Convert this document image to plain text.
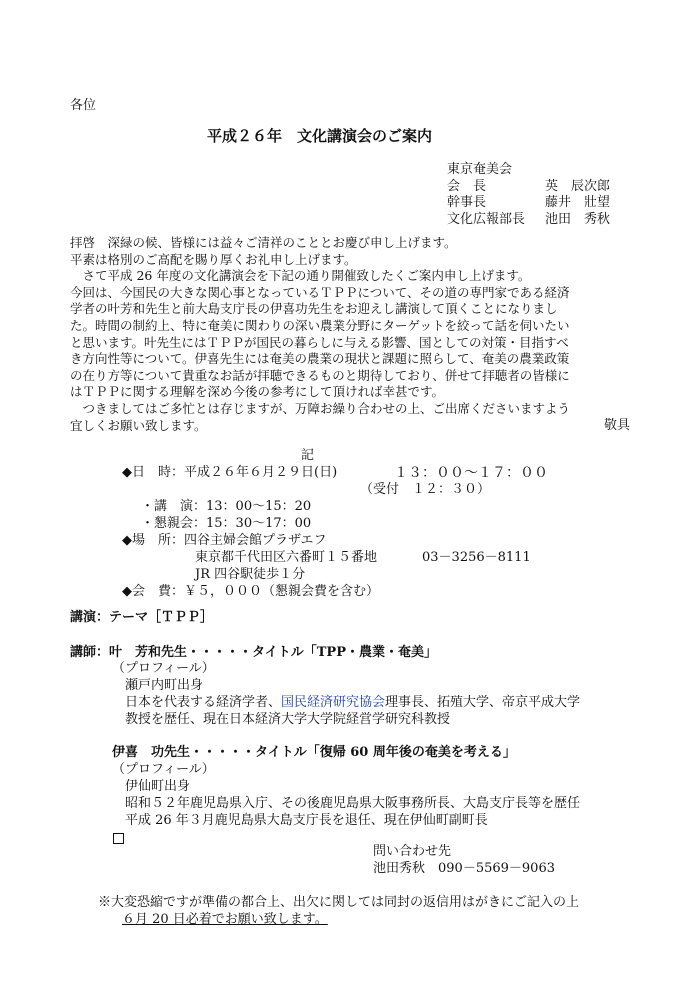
各位
平成２６年　文化講演会のご案内
東京奄美会
会　長	英　辰次郎
幹事長	藤井　壯望
文化広報部長 池田　秀秋

拝啓　深緑の候、皆様には益々ご清祥のこととお慶び申し上げます。

平素は格別のご高配を賜り厚くお礼申し上げます。

　さて平成 26 年度の文化講演会を下記の通り開催致したくご案内申し上げます。

今回は、今国民の大きな関心事となっているＴＰＰについて、その道の専門家である経済

学者の叶芳和先生と前大島支庁長の伊喜功先生をお迎えし講演して頂くことになりまし

た。時間の制約上、特に奄美に関わりの深い農業分野にターゲットを絞って話を伺いたい

と思います。叶先生にはＴＰＰが国民の暮らしに与える影響、国としての対策・目指すべ

き方向性等について。伊喜先生には奄美の農業の現状と課題に照らして、奄美の農業政策

の在り方等について貴重なお話が拝聴できるものと期待しており、併せて拝聴者の皆様に

はＴＰＰに関する理解を深め今後の参考にして頂ければ幸甚です。

　つきましてはご多忙とは存じますが、万障お繰り合わせの上、ご出席くださいますよう

宜しくお願い致します。	敬具
記
◆日　時：平成２６年６月２９日(日)	１３：００～１７：００
（受付　１２：３０）
・講　演：13：00～15：20
・懇親会：15：30～17：00
◆場　所：四谷主婦会館プラザエフ
東京都千代田区六番町１５番地	03－3256－8111
JR 四谷駅徒歩１分
◆会　費：￥５，０００（懇親会費を含む）
講演：テーマ［ＴＰＰ］
講師：叶　芳和先生・・・・・タイトル「TPP・農業・奄美」
（プロフィール）
瀬戸内町出身
日本を代表する経済学者、国民経済研究協会理事長、拓殖大学、帝京平成大学
教授を歴任、現在日本経済大学大学院経営学研究科教授
伊喜　功先生・・・・・タイトル「復帰 60 周年後の奄美を考える」
（プロフィール）
伊仙町出身
昭和５２年鹿児島県入庁、その後鹿児島県大阪事務所長、大島支庁長等を歴任
平成 26 年３月鹿児島県大島支庁長を退任、現在伊仙町副町長
問い合わせ先
池田秀秋　090－5569－9063
※大変恐縮ですが準備の都合上、出欠に関しては同封の返信用はがきにご記入の上
６月 20 日必着でお願い致します。
